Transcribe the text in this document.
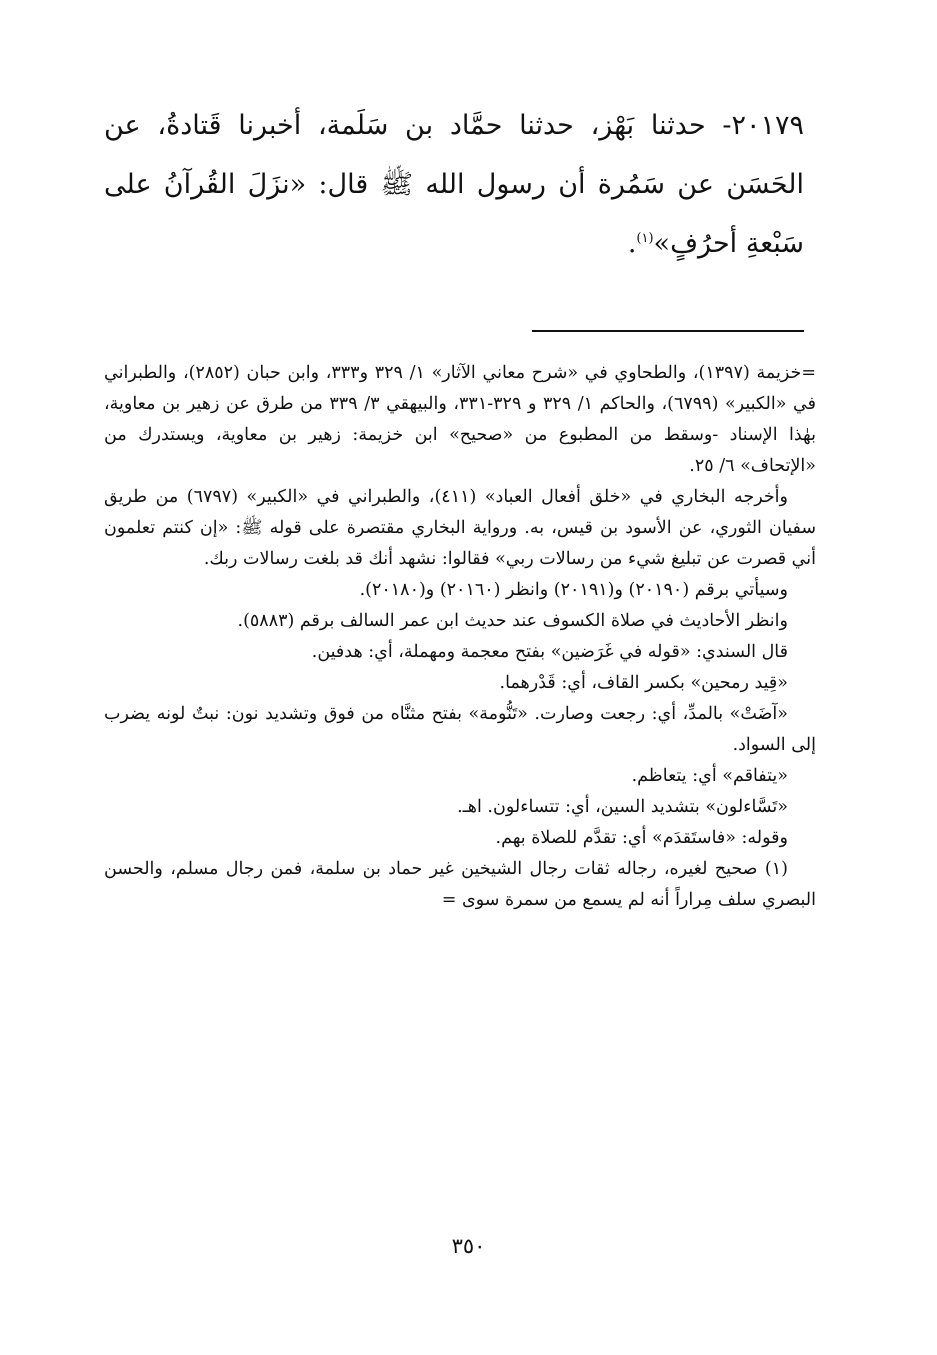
٢٠١٧٩- حدثنا بَهْز، حدثنا حمَّاد بن سَلَمة، أخبرنا قَتادةُ، عن الحَسَن عن سَمُرة أن رسول الله ﷺ قال: «نزَلَ القُرآنُ على سَبْعةِ أحرُفٍ»$^{(١)}$.

=خزيمة (١٣٩٧)، والطحاوي في «شرح معاني الآثار» ١/ ٣٢٩ و٣٣٣، وابن حبان (٢٨٥٢)، والطبراني في «الكبير» (٦٧٩٩)، والحاكم ١/ ٣٢٩ و ٣٢٩-٣٣١، والبيهقي ٣/ ٣٣٩ من طرق عن زهير بن معاوية، بهٰذا الإسناد -وسقط من المطبوع من «صحيح» ابن خزيمة: زهير بن معاوية، ويستدرك من «الإتحاف» ٦/ ٢٥.

وأخرجه البخاري في «خلق أفعال العباد» (٤١١)، والطبراني في «الكبير» (٦٧٩٧) من طريق سفيان الثوري، عن الأسود بن قيس، به. ورواية البخاري مقتصرة على قوله ﷺ: «إن كنتم تعلمون أني قصرت عن تبليغ شيء من رسالات ربي» فقالوا: نشهد أنك قد بلغت رسالات ربك.

وسيأتي برقم (٢٠١٩٠) و(٢٠١٩١) وانظر (٢٠١٦٠) و(٢٠١٨٠).

وانظر الأحاديث في صلاة الكسوف عند حديث ابن عمر السالف برقم (٥٨٨٣).

قال السندي: «قوله في غَرَضين» بفتح معجمة ومهملة، أي: هدفين.

«قِيد رمحين» بكسر القاف، أي: قَدْرهما.

«آضَتْ» بالمدِّ، أي: رجعت وصارت. «تَنُّومة» بفتح مثنَّاه من فوق وتشديد نون: نبتٌ لونه يضرب إلى السواد.

«يتفاقم» أي: يتعاظم.

«تَسَّاءلون» بتشديد السين، أي: تتساءلون. اهـ.

وقوله: «فاستَقدَم» أي: تقدَّم للصلاة بهم.

(١) صحيح لغيره، رجاله ثقات رجال الشيخين غير حماد بن سلمة، فمن رجال مسلم، والحسن البصري سلف مِراراً أنه لم يسمع من سمرة سوى =

٣٥٠
